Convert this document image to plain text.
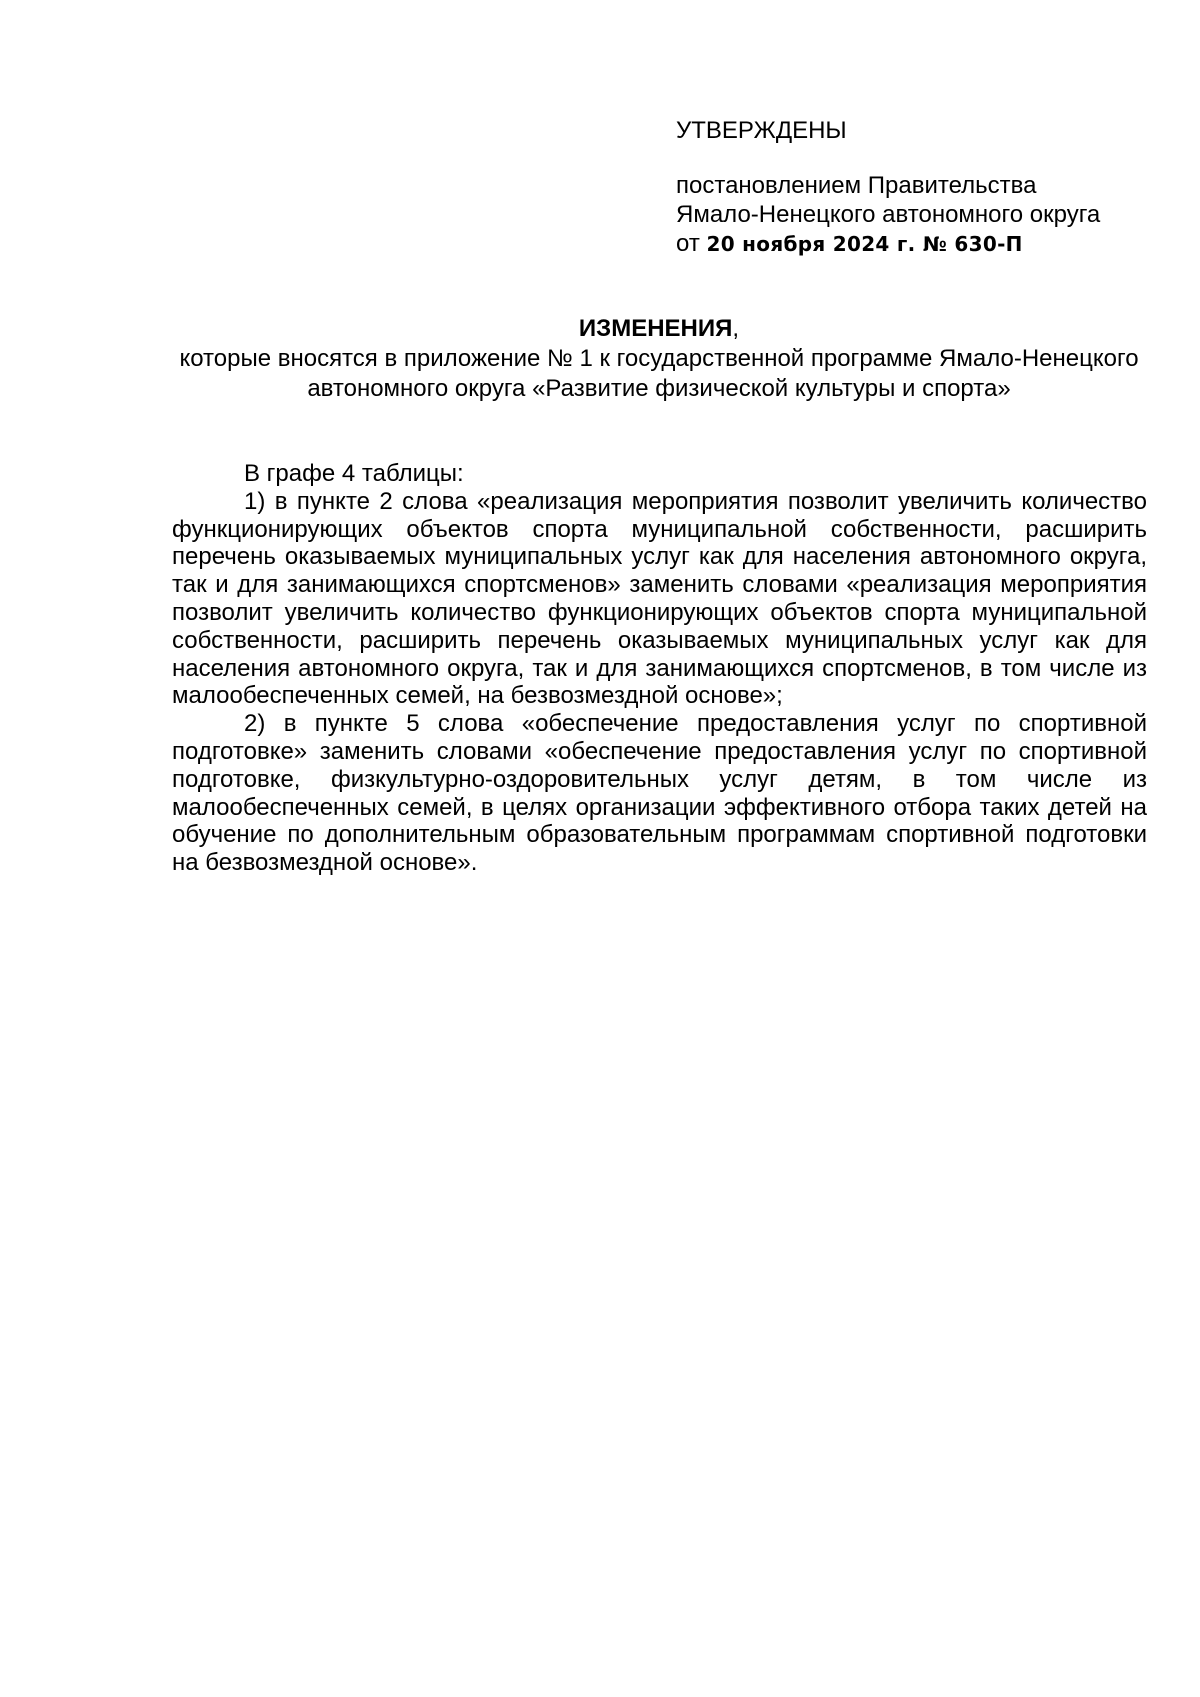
УТВЕРЖДЕНЫ
постановлением Правительства
Ямало-Ненецкого автономного округа
от 20 ноября 2024 г. № 630-П
ИЗМЕНЕНИЯ,
которые вносятся в приложение № 1 к государственной программе Ямало-Ненецкого автономного округа «Развитие физической культуры и спорта»

В графе 4 таблицы:

1) в пункте 2 слова «реализация мероприятия позволит увеличить количество функционирующих объектов спорта муниципальной собственности, расширить перечень оказываемых муниципальных услуг как для населения автономного округа, так и для занимающихся спортсменов» заменить словами «реализация мероприятия позволит увеличить количество функционирующих объектов спорта муниципальной собственности, расширить перечень оказываемых муниципальных услуг как для населения автономного округа, так и для занимающихся спортсменов, в том числе из малообеспеченных семей, на безвозмездной основе»;

2) в пункте 5 слова «обеспечение предоставления услуг по спортивной подготовке» заменить словами «обеспечение предоставления услуг по спортивной подготовке, физкультурно-оздоровительных услуг детям, в том числе из малообеспеченных семей, в целях организации эффективного отбора таких детей на обучение по дополнительным образовательным программам спортивной подготовки на безвозмездной основе».
